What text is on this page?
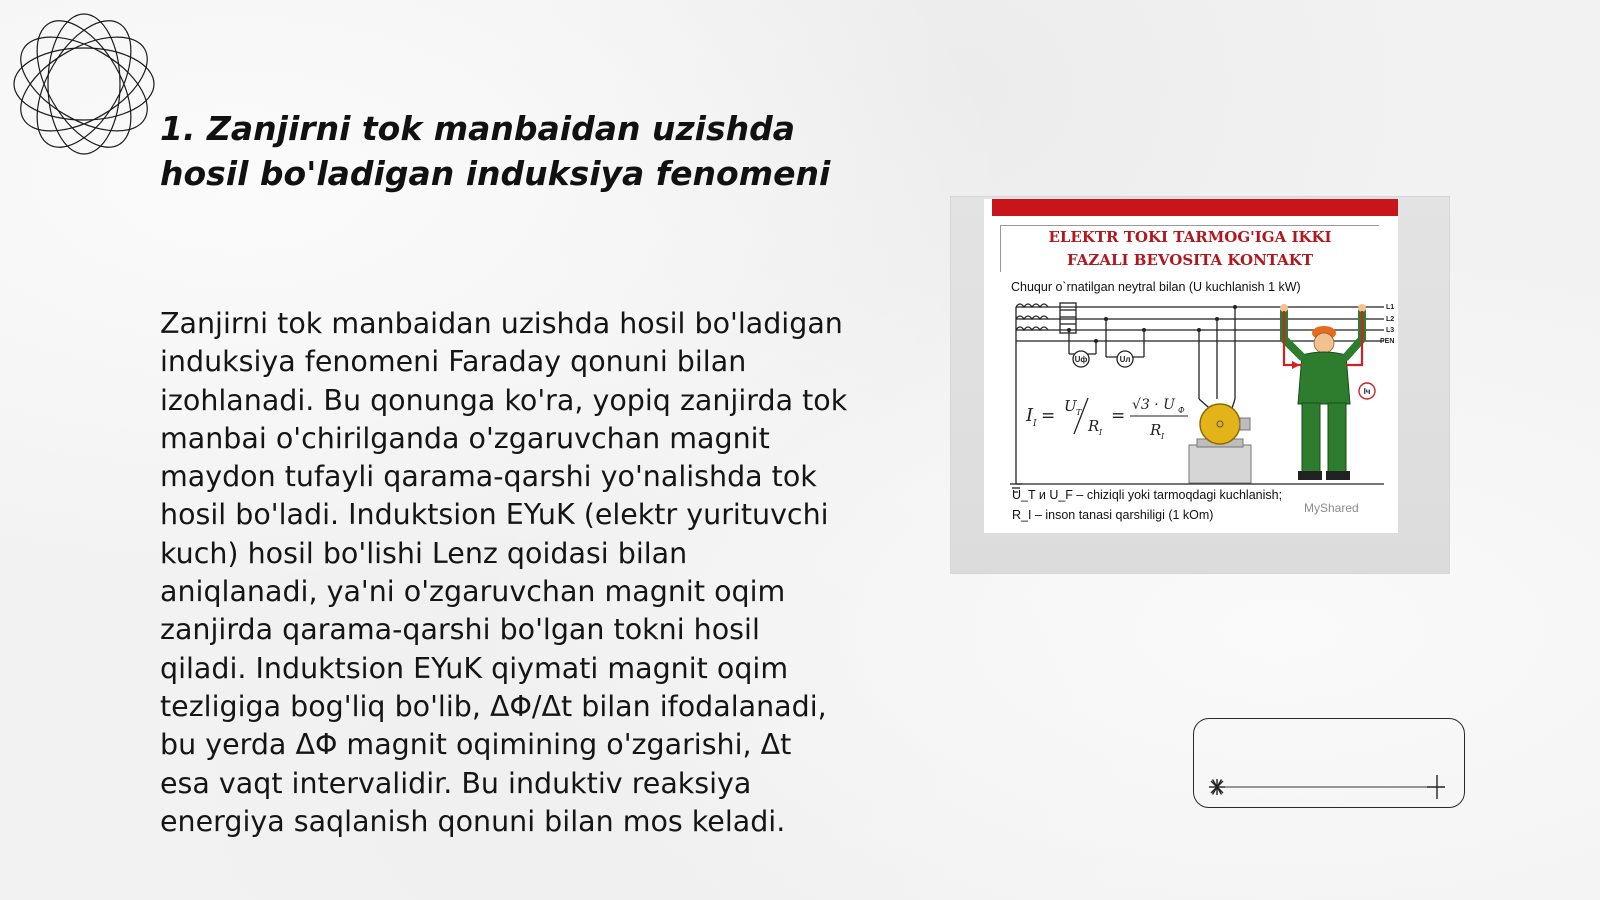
1. Zanjirni tok manbaidan uzishda hosil bo'ladigan induksiya fenomeni

Zanjirni tok manbaidan uzishda hosil bo'ladigan induksiya fenomeni Faraday qonuni bilan izohlanadi. Bu qonunga ko'ra, yopiq zanjirda tok manbai o'chirilganda o'zgaruvchan magnit maydon tufayli qarama-qarshi yo'nalishda tok hosil bo'ladi. Induktsion EYuK (elektr yurituvchi kuch) hosil bo'lishi Lenz qoidasi bilan aniqlanadi, ya'ni o'zgaruvchan magnit oqim zanjirda qarama-qarshi bo'lgan tokni hosil qiladi. Induktsion EYuK qiymati magnit oqim tezligiga bog'liq bo'lib, ΔΦ/Δt bilan ifodalanadi, bu yerda ΔΦ magnit oqimining o'zgarishi, Δt esa vaqt intervalidir. Bu induktiv reaksiya energiya saqlanish qonuni bilan mos keladi.

Uф	Uл
L1
L2
L3
PEN
Iч
I I = U T
R I
=
√3 · U Ф
R I

ELEKTR TOKI TARMOG'IGA IKKI
FAZALI BEVOSITA KONTAKT

Chuqur o`rnatilgan neytral bilan (U kuchlanish 1 kW)

U_T и U_F – chiziqli yoki tarmoqdagi kuchlanish;

R_I – inson tanasi qarshiligi (1 kOm)	MyShared
